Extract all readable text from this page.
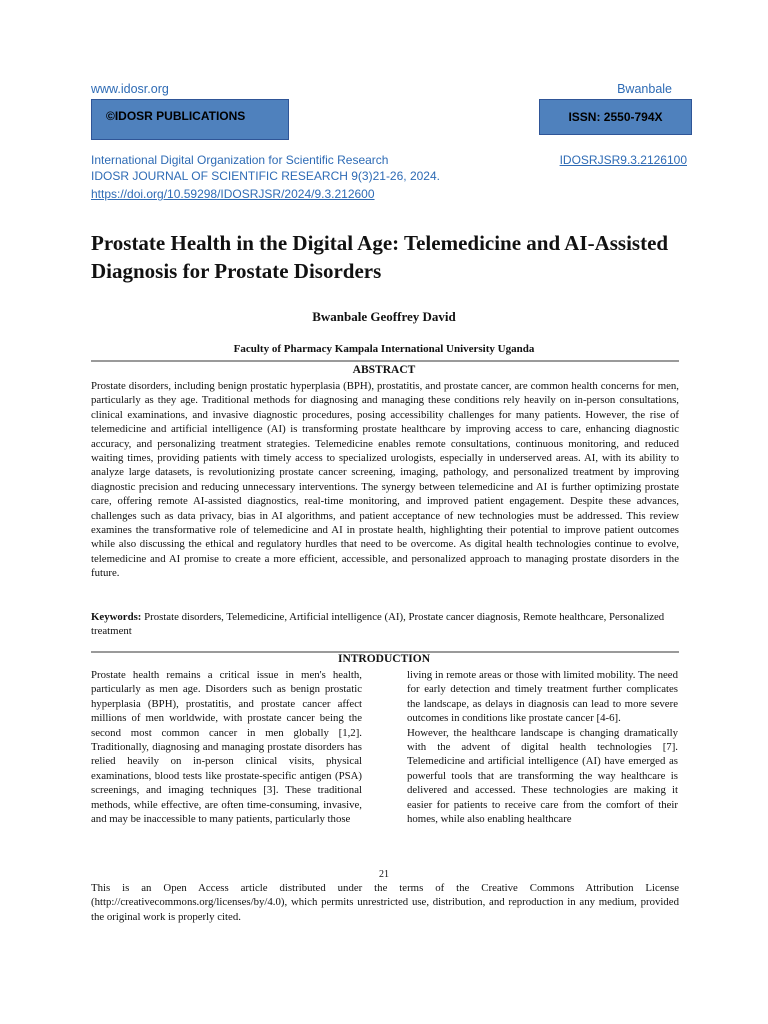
www.idosr.org	Bwanbale
©IDOSR PUBLICATIONS	ISSN: 2550-794X
International Digital Organization for Scientific Research
IDOSR JOURNAL OF SCIENTIFIC RESEARCH 9(3)21-26, 2024.
https://doi.org/10.59298/IDOSRJSR/2024/9.3.212600
IDOSRJSR9.3.2126100
Prostate Health in the Digital Age: Telemedicine and AI-Assisted Diagnosis for Prostate Disorders
Bwanbale Geoffrey David
Faculty of Pharmacy Kampala International University Uganda
ABSTRACT

Prostate disorders, including benign prostatic hyperplasia (BPH), prostatitis, and prostate cancer, are common health concerns for men, particularly as they age. Traditional methods for diagnosing and managing these conditions rely heavily on in-person consultations, clinical examinations, and invasive diagnostic procedures, posing accessibility challenges for many patients. However, the rise of telemedicine and artificial intelligence (AI) is transforming prostate healthcare by improving access to care, enhancing diagnostic accuracy, and personalizing treatment strategies. Telemedicine enables remote consultations, continuous monitoring, and reduced waiting times, providing patients with timely access to specialized urologists, especially in underserved areas. AI, with its ability to analyze large datasets, is revolutionizing prostate cancer screening, imaging, pathology, and personalized treatment by improving diagnostic precision and reducing unnecessary interventions. The synergy between telemedicine and AI is further optimizing prostate care, offering remote AI-assisted diagnostics, real-time monitoring, and improved patient engagement. Despite these advances, challenges such as data privacy, bias in AI algorithms, and patient acceptance of new technologies must be addressed. This review examines the transformative role of telemedicine and AI in prostate health, highlighting their potential to improve patient outcomes while also discussing the ethical and regulatory hurdles that need to be overcome. As digital health technologies continue to evolve, telemedicine and AI promise to create a more efficient, accessible, and personalized approach to managing prostate disorders in the future.

Keywords: Prostate disorders, Telemedicine, Artificial intelligence (AI), Prostate cancer diagnosis, Remote healthcare, Personalized treatment

INTRODUCTION

Prostate health remains a critical issue in men's health, particularly as men age. Disorders such as benign prostatic hyperplasia (BPH), prostatitis, and prostate cancer affect millions of men worldwide, with prostate cancer being the second most common cancer in men globally [1,2]. Traditionally, diagnosing and managing prostate disorders has relied heavily on in-person clinical visits, physical examinations, blood tests like prostate-specific antigen (PSA) screenings, and imaging techniques [3]. These traditional methods, while effective, are often time-consuming, invasive, and may be inaccessible to many patients, particularly those

living in remote areas or those with limited mobility. The need for early detection and timely treatment further complicates the landscape, as delays in diagnosis can lead to more severe outcomes in conditions like prostate cancer [4-6].

However, the healthcare landscape is changing dramatically with the advent of digital health technologies [7]. Telemedicine and artificial intelligence (AI) have emerged as powerful tools that are transforming the way healthcare is delivered and accessed. These technologies are making it easier for patients to receive care from the comfort of their homes, while also enabling healthcare

21

This is an Open Access article distributed under the terms of the Creative Commons Attribution License (http://creativecommons.org/licenses/by/4.0), which permits unrestricted use, distribution, and reproduction in any medium, provided the original work is properly cited.
